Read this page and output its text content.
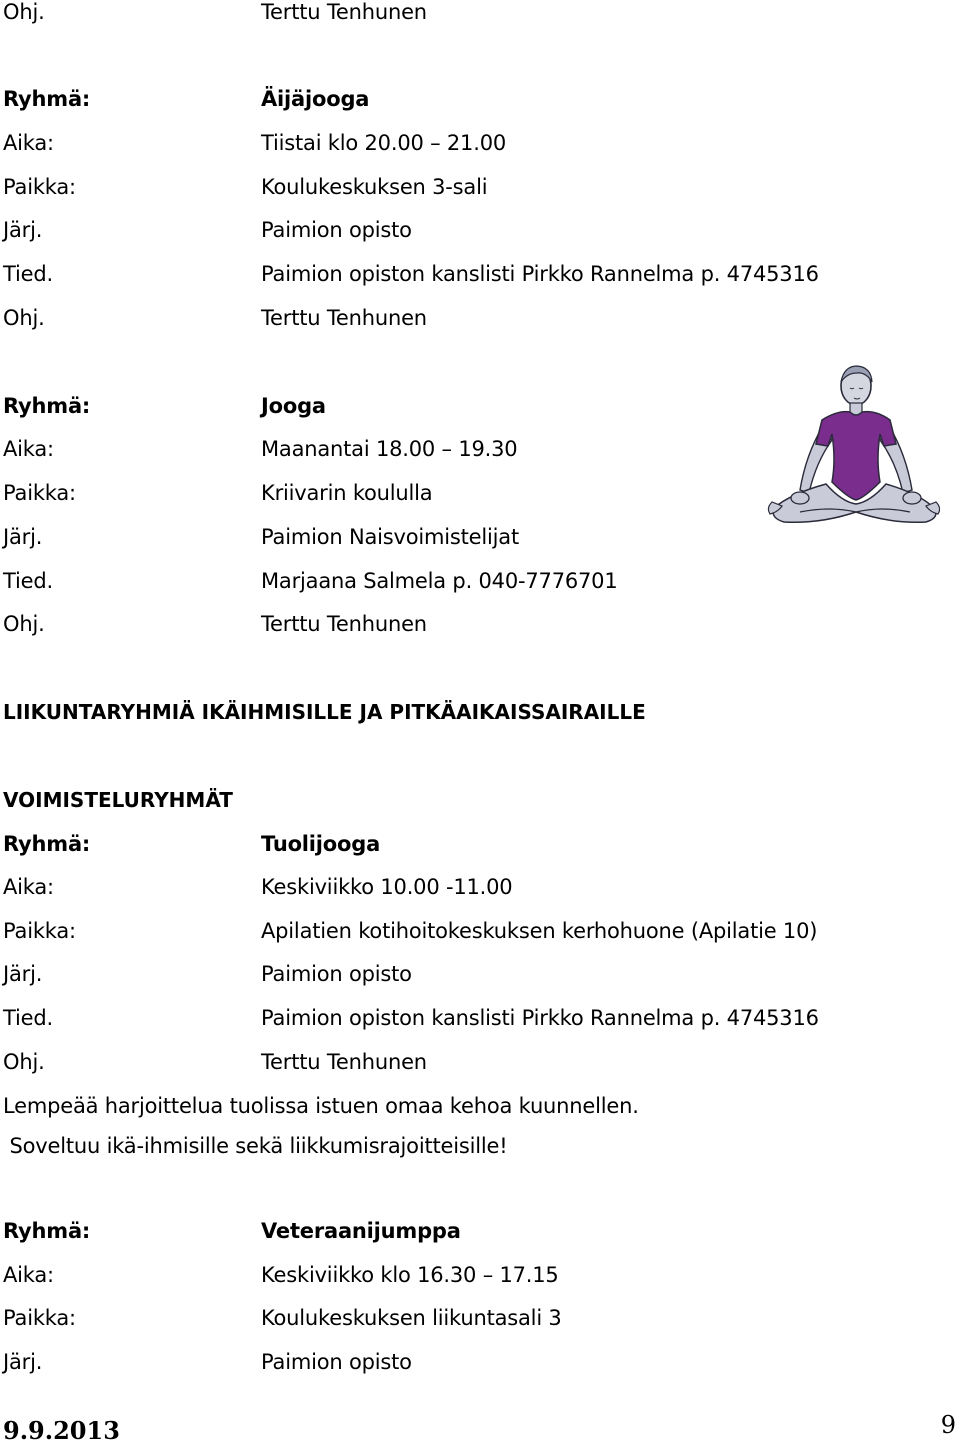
Ohj.	Terttu Tenhunen
Ryhmä:	Äijäjooga
Aika:	Tiistai klo 20.00 – 21.00
Paikka:	Koulukeskuksen 3-sali
Järj.	Paimion opisto
Tied.	Paimion opiston kanslisti Pirkko Rannelma p. 4745316
Ohj.	Terttu Tenhunen
Ryhmä:	Jooga
Aika:	Maanantai 18.00 – 19.30
Paikka:	Kriivarin koululla
Järj.	Paimion Naisvoimistelijat
Tied.	Marjaana Salmela p. 040-7776701
Ohj.	Terttu Tenhunen
LIIKUNTARYHMIÄ IKÄIHMISILLE JA PITKÄAIKAISSAIRAILLE
VOIMISTELURYHMÄT
Ryhmä:	Tuolijooga
Aika:	Keskiviikko 10.00 -11.00
Paikka:	Apilatien kotihoitokeskuksen kerhohuone (Apilatie 10)
Järj.	Paimion opisto
Tied.	Paimion opiston kanslisti Pirkko Rannelma p. 4745316
Ohj.	Terttu Tenhunen
Lempeää harjoittelua tuolissa istuen omaa kehoa kuunnellen.
Soveltuu ikä-ihmisille sekä liikkumisrajoitteisille!
Ryhmä:	Veteraanijumppa
Aika:	Keskiviikko klo 16.30 – 17.15
Paikka:	Koulukeskuksen liikuntasali 3
Järj.	Paimion opisto
9.9.2013	9
